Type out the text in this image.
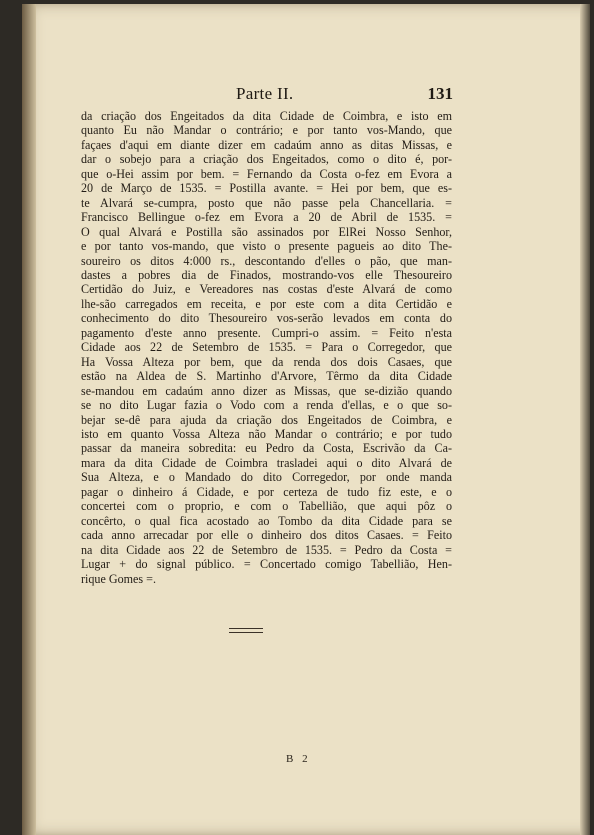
Parte II.	131
da criação dos Engeitados da dita Cidade de Coimbra, e isto em
quanto Eu não Mandar o contrário; e por tanto vos-Mando, que
façaes d'aqui em diante dizer em cadaúm anno as ditas Missas, e
dar o sobejo para a criação dos Engeitados, como o dito é, por-
que o-Hei assim por bem. = Fernando da Costa o-fez em Evora a
20 de Março de 1535. = Postilla avante. = Hei por bem, que es-
te Alvará se-cumpra, posto que não passe pela Chancellaria. =
Francisco Bellingue o-fez em Evora a 20 de Abril de 1535. =
O qual Alvará e Postilla são assinados por ElRei Nosso Senhor,
e por tanto vos-mando, que visto o presente pagueis ao dito The-
soureiro os ditos 4:000 rs., descontando d'elles o pão, que man-
dastes a pobres dia de Finados, mostrando-vos elle Thesoureiro
Certidão do Juiz, e Vereadores nas costas d'este Alvará de como
lhe-são carregados em receita, e por este com a dita Certidão e
conhecimento do dito Thesoureiro vos-serão levados em conta do
pagamento d'este anno presente. Cumpri-o assim. = Feito n'esta
Cidade aos 22 de Setembro de 1535. = Para o Corregedor, que
Ha Vossa Alteza por bem, que da renda dos dois Casaes, que
estão na Aldea de S. Martinho d'Arvore, Têrmo da dita Cidade
se-mandou em cadaúm anno dizer as Missas, que se-dizião quando
se no dito Lugar fazia o Vodo com a renda d'ellas, e o que so-
bejar se-dê para ajuda da criação dos Engeitados de Coimbra, e
isto em quanto Vossa Alteza não Mandar o contrário; e por tudo
passar da maneira sobredita: eu Pedro da Costa, Escrivão da Ca-
mara da dita Cidade de Coimbra trasladei aqui o dito Alvará de
Sua Alteza, e o Mandado do dito Corregedor, por onde manda
pagar o dinheiro á Cidade, e por certeza de tudo fiz este, e o
concertei com o proprio, e com o Tabellião, que aqui pôz o
concêrto, o qual fica acostado ao Tombo da dita Cidade para se
cada anno arrecadar por elle o dinheiro dos ditos Casaes. = Feito
na dita Cidade aos 22 de Setembro de 1535. = Pedro da Costa =
Lugar + do signal público. = Concertado comigo Tabellião, Hen-
rique Gomes =.
B 2
